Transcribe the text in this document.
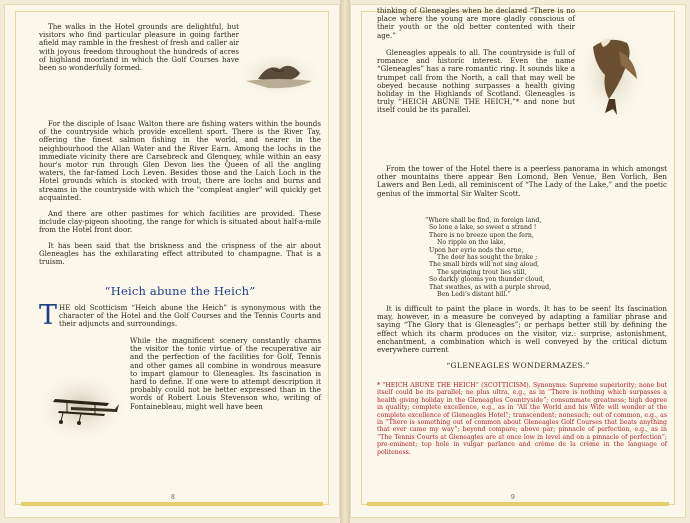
The walks in the Hotel grounds are delightful, but visitors who find particular pleasure in going farther afield may ramble in the freshest of fresh and caller air with joyous freedom throughout the hundreds of acres of highland moorland in which the Golf Courses have been so wonderfully formed.

For the disciple of Isaac Walton there are fishing waters within the bounds of the countryside which provide excellent sport. There is the River Tay, offering the finest salmon fishing in the world, and nearer in the neighbourhood the Allan Water and the River Earn. Among the lochs in the immediate vicinity there are Carsebreck and Glenquey, while within an easy hour's motor run through Glen Devon lies the Queen of all the angling waters, the far-famed Loch Leven. Besides those and the Laich Loch in the Hotel grounds which is stocked with trout, there are lochs and burns and streams in the countryside with which the "compleat angler" will quickly get acquainted.

And there are other pastimes for which facilities are provided. These include clay-pigeon shooting, the range for which is situated about half-a-mile from the Hotel front door.

It has been said that the briskness and the crispness of the air about Gleneagles has the exhilarating effect attributed to champagne. That is a truism.

“Heich abune the Heich”

THE old Scotticism “Heich abune the Heich” is synonymous with the character of the Hotel and the Golf Courses and the Tennis Courts and their adjuncts and surroundings.

While the magnificent scenery constantly charms the visitor the tonic virtue of the recuperative air and the perfection of the facilities for Golf, Tennis and other games all combine in wondrous measure to impart glamour to Gleneagles. Its fascination is hard to define. If one were to attempt description it probably could not be better expressed than in the words of Robert Louis Stevenson who, writing of Fontainebleau, might well have been

8

thinking of Gleneagles when he declared “There is no place where the young are more gladly conscious of their youth or the old better contented with their age.”

Gleneagles appeals to all. The countryside is full of romance and historic interest. Even the name “Gleneagles” has a rare romantic ring. It sounds like a trumpet call from the North, a call that may well be obeyed because nothing surpasses a health giving holiday in the Highlands of Scotland. Gleneagles is truly “HEICH ABUNE THE HEICH,”* and none but itself could be its parallel.

From the tower of the Hotel there is a peerless panorama in which amongst other mountains there appear Ben Lomond, Ben Venue, Ben Vorlich, Ben Lawers and Ben Ledi, all reminiscent of “The Lady of the Lake,” and the poetic genius of the immortal Sir Walter Scott.

“Where shall be find, in foreign land,
So lone a lake, so sweet a strand !
There is no breeze upon the fern,
No ripple on the lake,
Upon her eyrie nods the erne,
The deer has sought the brake ;
The small birds will not sing aloud,
The springing trout lies still,
So darkly glooms yon thunder cloud,
That swathes, as with a purple shroud,
Ben Ledi’s distant hill.”

It is difficult to paint the place in words. It has to be seen! Its fascination may, however, in a measure be conveyed by adapting a familiar phrase and saying “The Glory that is Gleneagles”; or perhaps better still by defining the effect which its charm produces on the visitor, viz.: surprise, astonishment, enchantment, a combination which is well conveyed by the critical dictum everywhere current

“GLENEAGLES WONDERMAZES.”

* “HEICH ABUNE THE HEICH” (SCOTTICISM). Synonyms: Supreme superiority; none but itself could be its parallel; ne plus ultra, e.g., as in “There is nothing which surpasses a health giving holiday in the Gleneagles Countryside”; consummate greatness; high degree in quality; complete excellence, e.g., as in “All the World and his Wife will wonder at the complete excellence of Gleneagles Hotel”; transcendent; nonesuch; out of common, e.g., as in “There is something out of common about Gleneagles Golf Courses that beats anything that ever came my way”; beyond compare; above par; pinnacle of perfection, e.g., as in “The Tennis Courts at Gleneagles are at once low in level and on a pinnacle of perfection”; pre-eminent; top hole in vulgar parlance and crème de la crème in the language of politeness.

9
